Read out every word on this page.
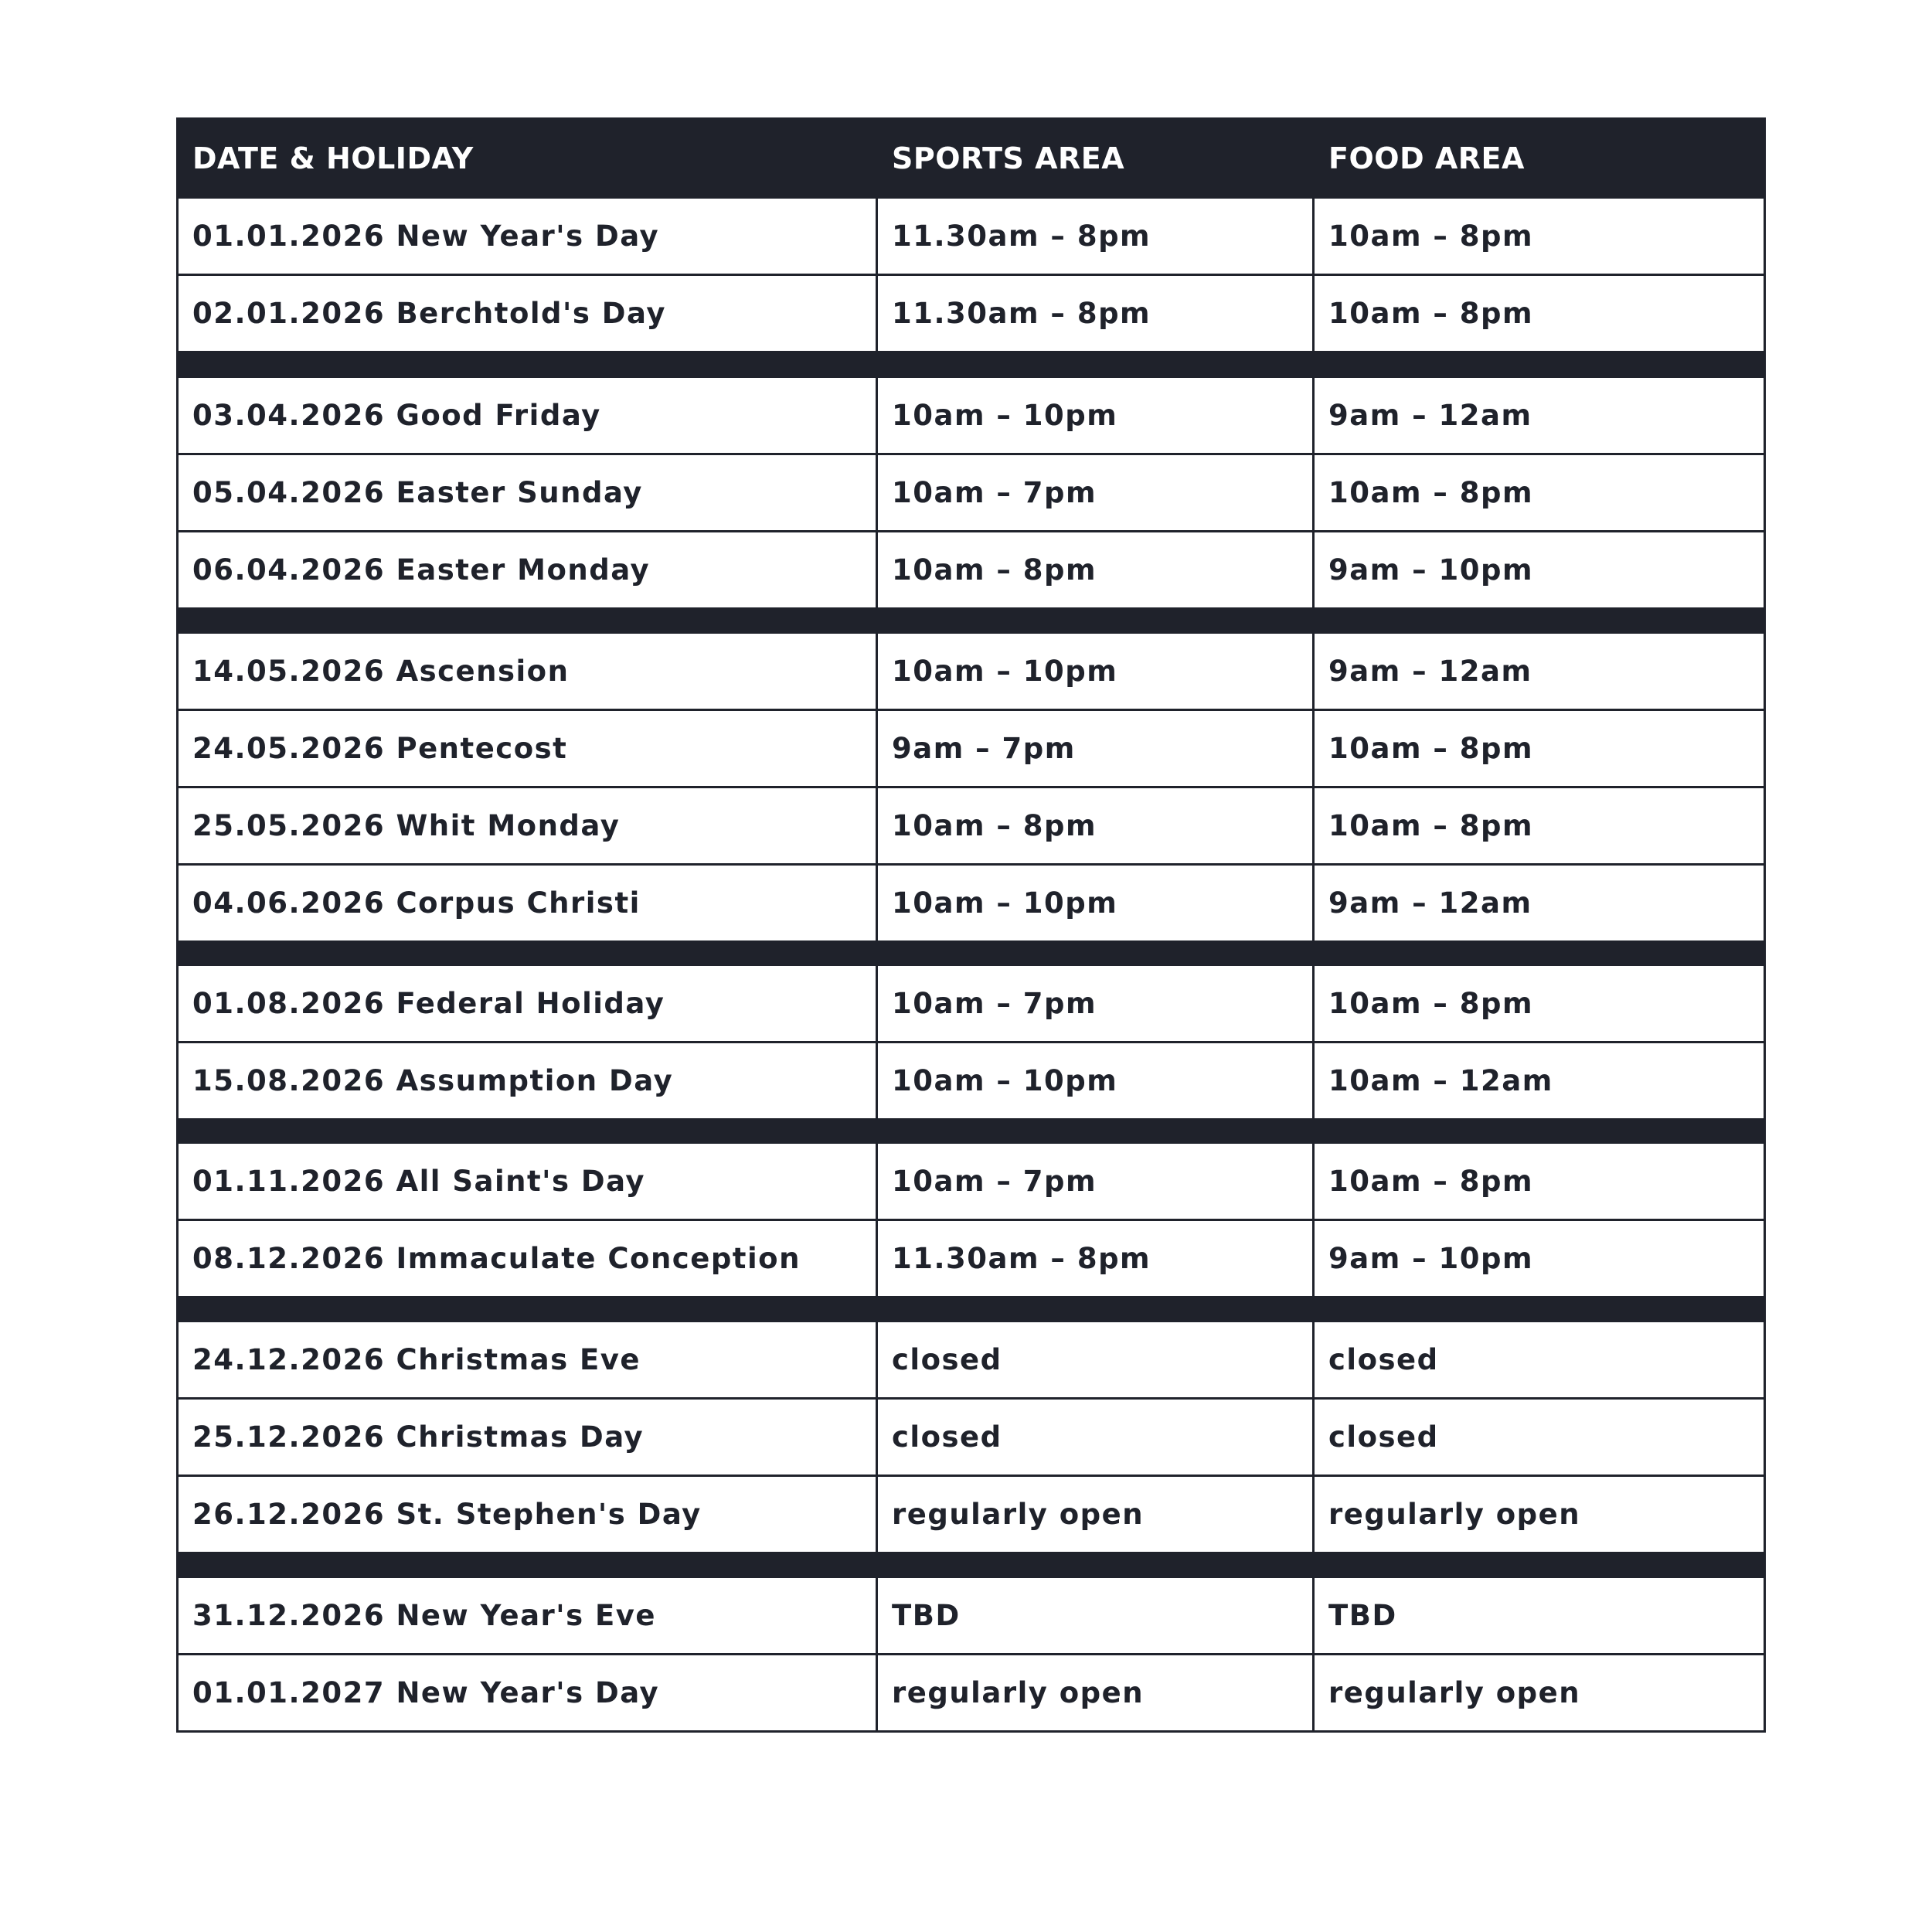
DATE & HOLIDAY	SPORTS AREA	FOOD AREA
01.01.2026 New Year's Day	11.30am – 8pm	10am – 8pm
02.01.2026 Berchtold's Day	11.30am – 8pm	10am – 8pm

03.04.2026 Good Friday	10am – 10pm	9am – 12am
05.04.2026 Easter Sunday	10am – 7pm	10am – 8pm
06.04.2026 Easter Monday	10am – 8pm	9am – 10pm

14.05.2026 Ascension	10am – 10pm	9am – 12am
24.05.2026 Pentecost	9am – 7pm	10am – 8pm
25.05.2026 Whit Monday	10am – 8pm	10am – 8pm
04.06.2026 Corpus Christi	10am – 10pm	9am – 12am

01.08.2026 Federal Holiday	10am – 7pm	10am – 8pm
15.08.2026 Assumption Day	10am – 10pm	10am – 12am

01.11.2026 All Saint's Day	10am – 7pm	10am – 8pm
08.12.2026 Immaculate Conception	11.30am – 8pm	9am – 10pm

24.12.2026 Christmas Eve	closed	closed
25.12.2026 Christmas Day	closed	closed
26.12.2026 St. Stephen's Day	regularly open	regularly open

31.12.2026 New Year's Eve	TBD	TBD
01.01.2027 New Year's Day	regularly open	regularly open
